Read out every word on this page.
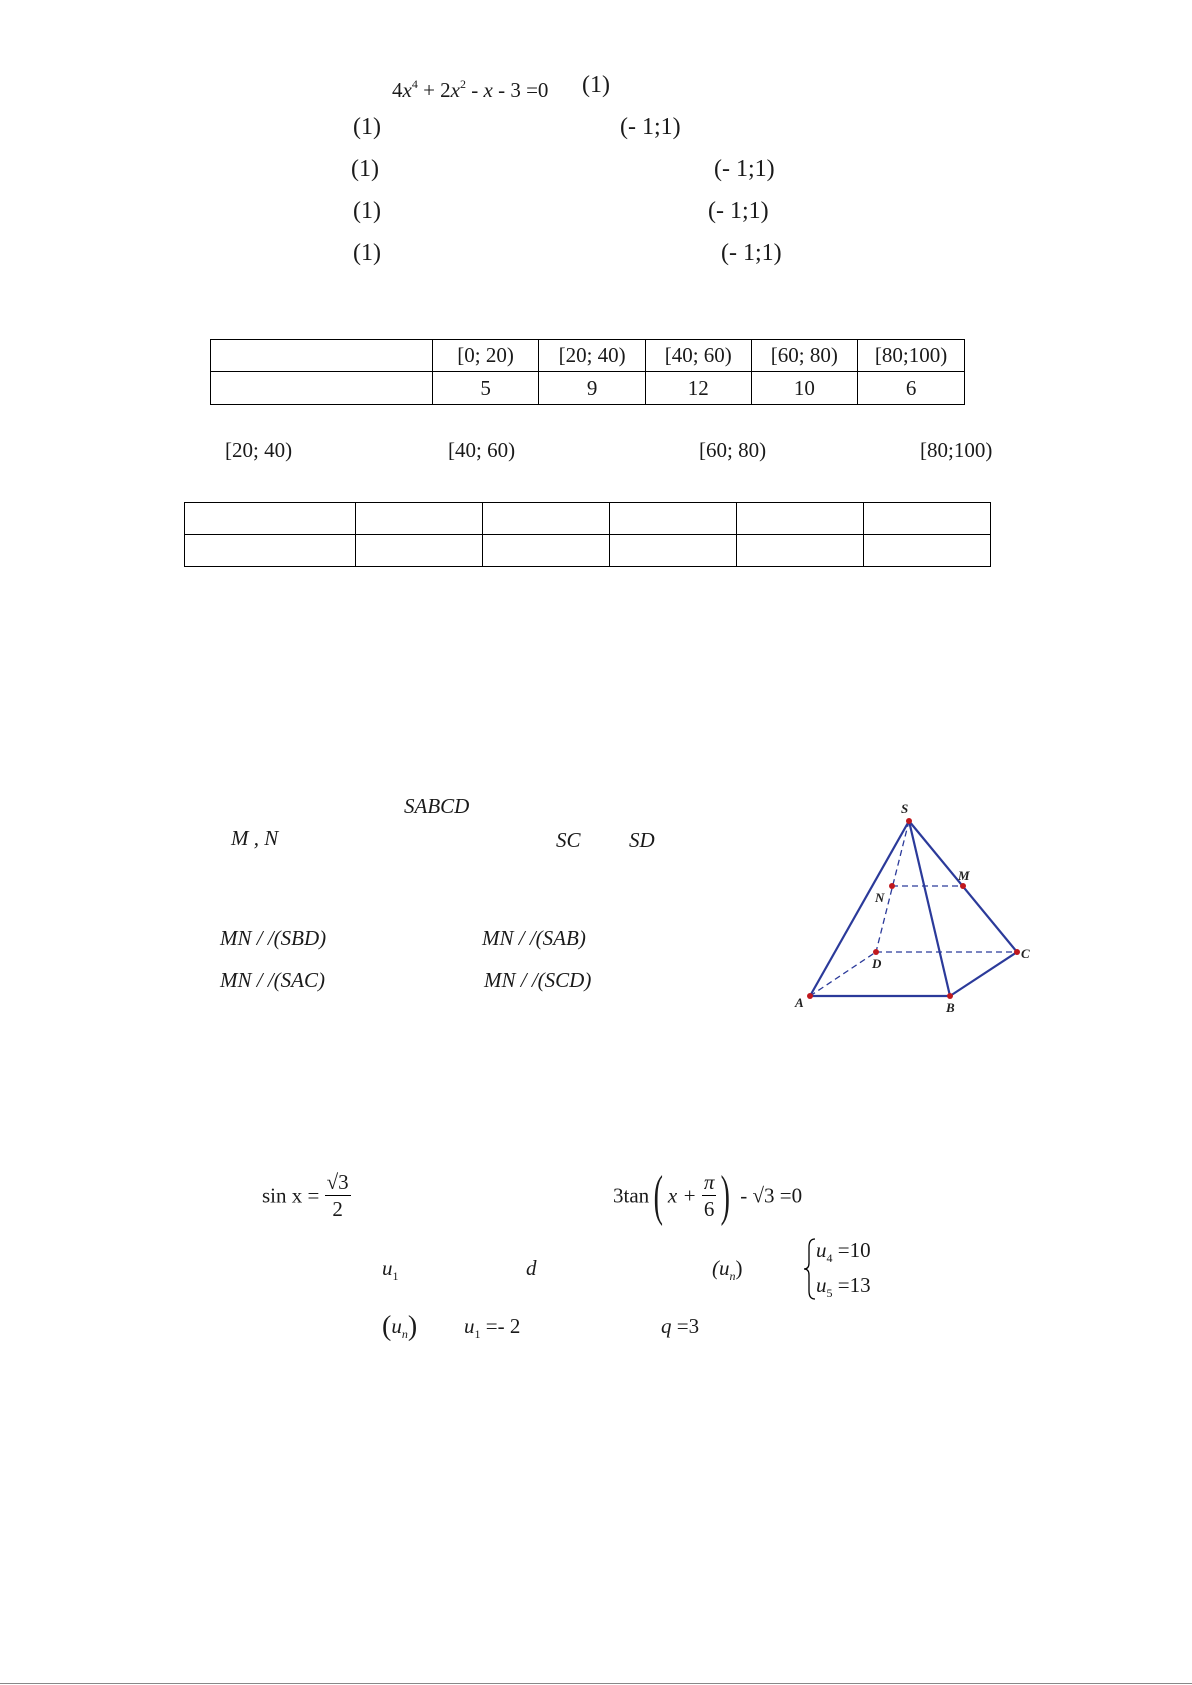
$4x^4 + 2x^2 - x - 3 =0$ (1)
(1)	(- 1;1)
(1)	(- 1;1)
(1)	(- 1;1)
(1)	(- 1;1)
	[0; 20)	[20; 40)	[40; 60)	[60; 80)	[80;100)
	5	9	12	10	6
[20; 40)	[40; 60)	[60; 80)	[80;100)

SABCD
M , N	SC SD
MN / /(SBD)	MN / /(SAB)
MN / /(SAC)	MN / /(SCD)
S
M
N
D
C
A	B
$\sin x = \frac{√3}{2}$	3tan( $x + \frac{\pi}{6}$ ) - √3 =0
$u_1$	d	$(u_n)$
$u_4 =10$
$u_5 =13$
$(u_n) u_1 =- 2$	q =3
